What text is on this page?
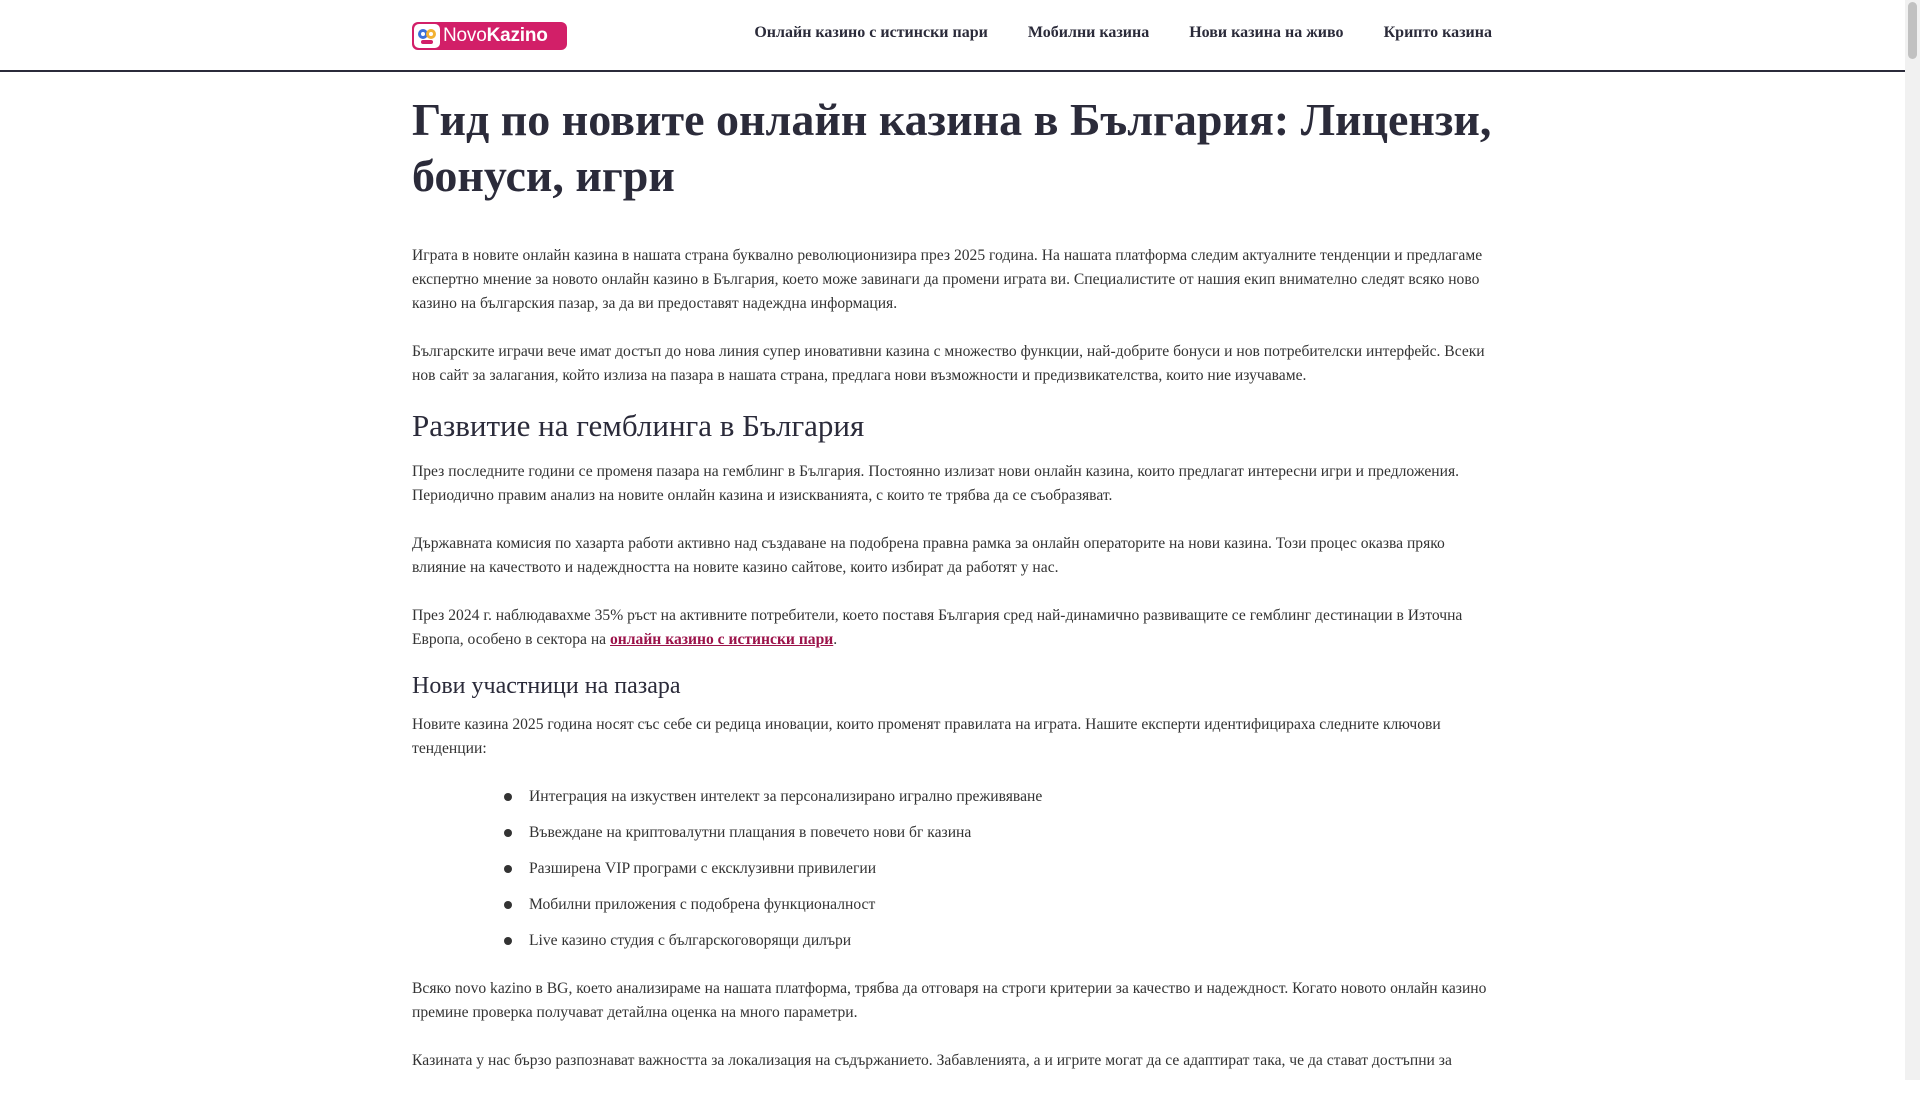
NovoKazino	Онлайн казино с истински пари	Мобилни казина	Нови казина на живо	Крипто казина
Гид по новите онлайн казина в България: Лицензи, бонуси, игри

Играта в новите онлайн казина в нашата страна буквално революционизира през 2025 година. На нашата платформа следим актуалните тенденции и предлагаме експертно мнение за новото онлайн казино в България, което може завинаги да промени играта ви. Специалистите от нашия екип внимателно следят всяко ново казино на българския пазар, за да ви предоставят надеждна информация.

Българските играчи вече имат достъп до нова линия супер иновативни казина с множество функции, най-добрите бонуси и нов потребителски интерфейс. Всеки нов сайт за залагания, който излиза на пазара в нашата страна, предлага нови възможности и предизвикателства, които ние изучаваме.

Развитие на гемблинга в България

През последните години се променя пазара на гемблинг в България. Постоянно излизат нови онлайн казина, които предлагат интересни игри и предложения. Периодично правим анализ на новите онлайн казина и изискванията, с които те трябва да се съобразяват.

Държавната комисия по хазарта работи активно над създаване на подобрена правна рамка за онлайн операторите на нови казина. Този процес оказва пряко влияние на качеството и надеждността на новите казино сайтове, които избират да работят у нас.

През 2024 г. наблюдавахме 35% ръст на активните потребители, което поставя България сред най-динамично развиващите се гемблинг дестинации в Източна Европа, особено в сектора на онлайн казино с истински пари.

Нови участници на пазара

Новите казина 2025 година носят със себе си редица иновации, които променят правилата на играта. Нашите експерти идентифицираха следните ключови тенденции:

Интеграция на изкуствен интелект за персонализирано игрално преживяване
Въвеждане на криптовалутни плащания в повечето нови бг казина
Разширена VIP програми с ексклузивни привилегии
Мобилни приложения с подобрена функционалност
Live казино студия с българскоговорящи дилъри

Всяко novo kazino в BG, което анализираме на нашата платформа, трябва да отговаря на строги критерии за качество и надеждност. Когато новото онлайн казино премине проверка получават детайлна оценка на много параметри.

Казината у нас бързо разпознават важността за локализация на съдържанието. Забавленията, а и игрите могат да се адаптират така, че да стават достъпни за
